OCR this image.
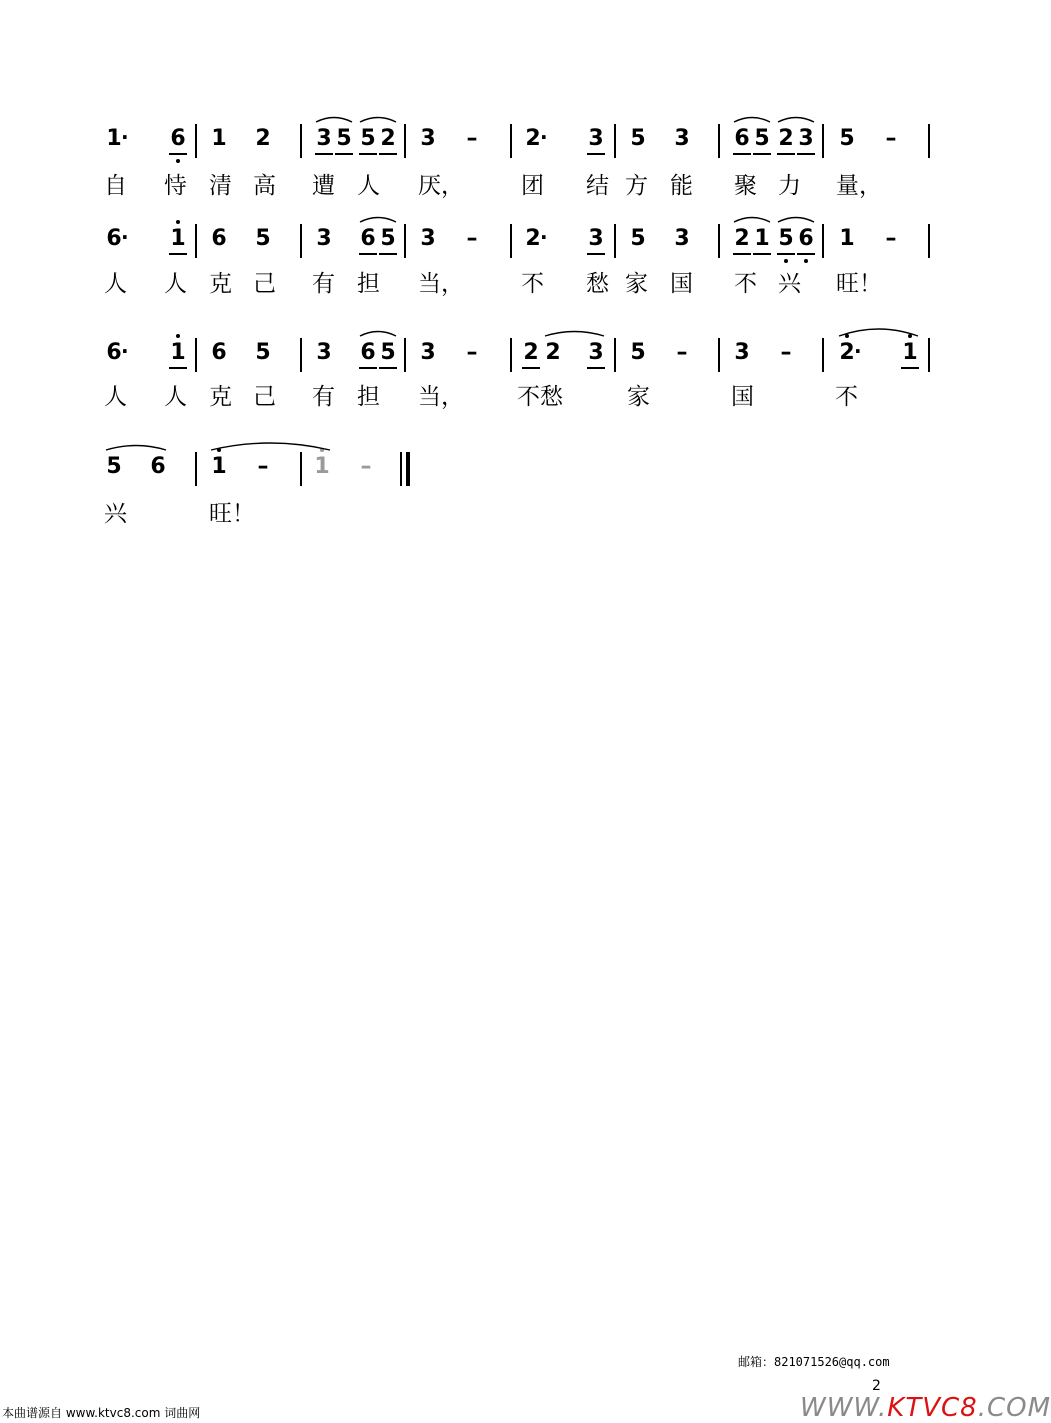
1 · 6 1 2 3 5 5 2 3 – 2 · 3 5 3 6 5 2 3 5 –
自 恃 清 高 遭 人 厌， 团 结 方 能 聚 力 量，
6 · 1 6 5 3 6 5 3 – 2 · 3 5 3 2 1 5 6 1 –
人 人 克 己 有 担 当， 不 愁 家 国 不 兴 旺！
6 · 1 6 5 3 6 5 3 – 2 2 3 5 – 3 – 2 · 1
人 人 克 己 有 担 当， 不愁	家	国	不
5 6 1 – 1 –
兴	旺！
邮箱：821071526@qq.com
2
本曲谱源自 www.ktvc8.com 词曲网	WWW.KTVC8.COM
